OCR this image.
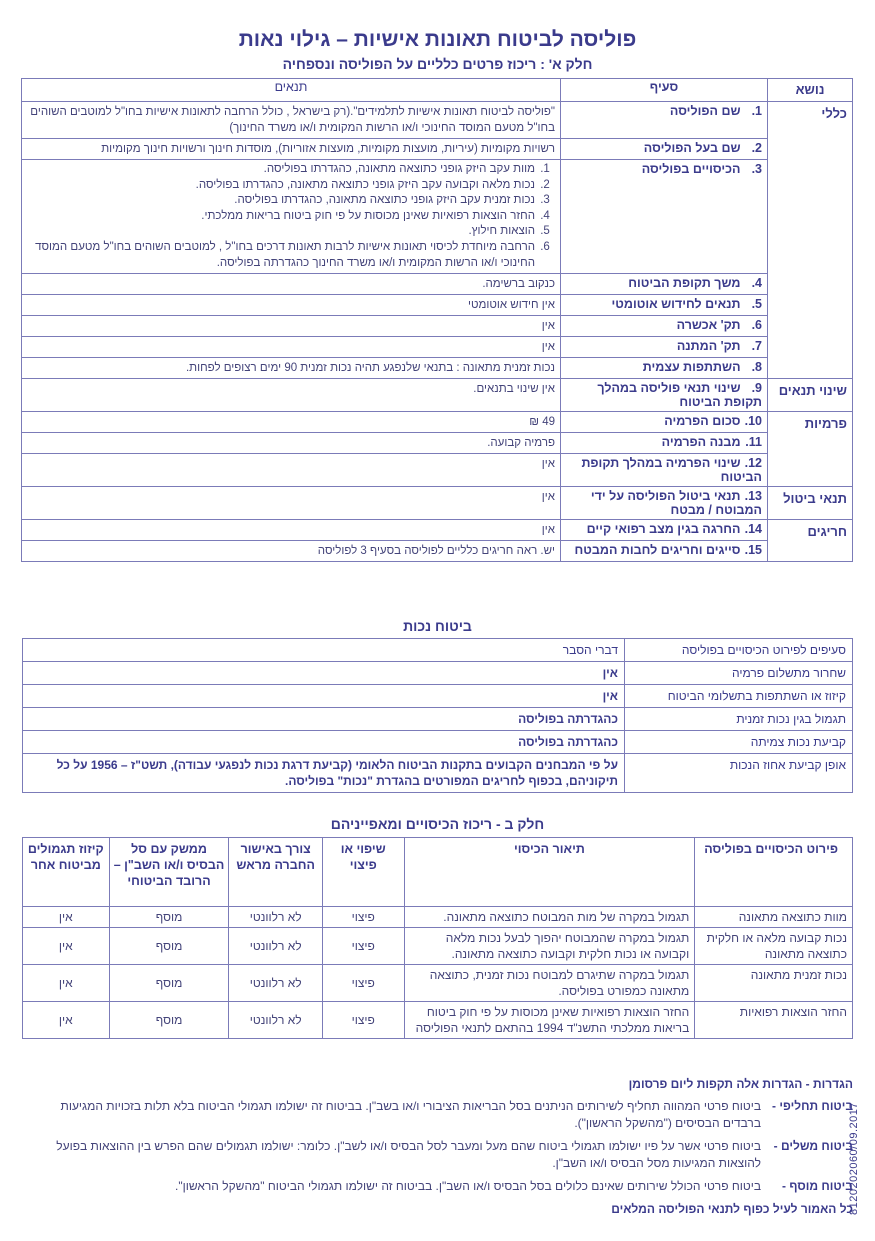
פוליסה לביטוח תאונות אישיות – גילוי נאות
חלק א' : ריכוז פרטים כלליים על הפוליסה ונספחיה
נושא	סעיף	תנאים
כללי	1. שם הפוליסה	"פוליסה לביטוח תאונות אישיות לתלמידים".(רק בישראל , כולל הרחבה לתאונות אישיות בחו"ל למוטבים השוהים בחו"ל מטעם המוסד החינוכי ו/או הרשות המקומית ו/או משרד החינוך)
	2. שם בעל הפוליסה	רשויות מקומיות (עיריות, מועצות מקומיות, מועצות אזוריות), מוסדות חינוך ורשויות חינוך מקומיות
3. הכיסויים בפוליסה	
1. מוות עקב היזק גופני כתוצאה מתאונה, כהגדרתו בפוליסה.
2. נכות מלאה וקבועה עקב היזק גופני כתוצאה מתאונה, כהגדרתו בפוליסה.
3. נכות זמנית עקב היזק גופני כתוצאה מתאונה, כהגדרתו בפוליסה.
4. החזר הוצאות רפואיות שאינן מכוסות על פי חוק ביטוח בריאות ממלכתי.
5. הוצאות חילוץ.
6. הרחבה מיוחדת לכיסוי תאונות אישיות לרבות תאונות דרכים בחו"ל , למוטבים השוהים בחו"ל מטעם המוסד החינוכי ו/או הרשות המקומית ו/או משרד החינוך כהגדרתה בפוליסה.

	4. משך תקופת הביטוח	כנקוב ברשימה.
	5. תנאים לחידוש אוטומטי	אין חידוש אוטומטי
	6. תק' אכשרה	אין
	7. תק' המתנה	אין
	8. השתתפות עצמית	נכות זמנית מתאונה : בתנאי שלנפגע תהיה נכות זמנית 90 ימים רצופים לפחות.
שינוי תנאים	9. שינוי תנאי פוליסה במהלך תקופת הביטוח	אין שינוי בתנאים.
פרמיות	10. סכום הפרמיה	49 ₪
	11. מבנה הפרמיה	פרמיה קבועה.
	12. שינוי הפרמיה במהלך תקופת הביטוח	אין
תנאי ביטול	13. תנאי ביטול הפוליסה על ידי המבוטח / מבטח	אין
חריגים	14. החרגה בגין מצב רפואי קיים	אין
	15. סייגים וחריגים לחבות המבטח	יש. ראה חריגים כלליים לפוליסה בסעיף 3 לפוליסה
ביטוח נכות
סעיפים לפירוט הכיסויים בפוליסה	דברי הסבר
שחרור מתשלום פרמיה	אין
קיזוז או השתתפות בתשלומי הביטוח	אין
תגמול בגין נכות זמנית	כהגדרתה בפוליסה
קביעת נכות צמיתה	כהגדרתה בפוליסה
אופן קביעת אחוז הנכות	על פי המבחנים הקבועים בתקנות הביטוח הלאומי (קביעת דרגת נכות לנפגעי עבודה), תשט"ז – 1956 על כל תיקוניהם, בכפוף לחריגים המפורטים בהגדרת "נכות" בפוליסה.
חלק ב - ריכוז הכיסויים ומאפייניהם
פירוט הכיסויים בפוליסה	תיאור הכיסוי	שיפוי או פיצוי	צורך באישור החברה מראש	ממשק עם סל הבסיס ו/או השב"ן – הרובד הביטוחי	קיזוז תגמולים מביטוח אחר
מוות כתוצאה מתאונה	תגמול במקרה של מות המבוטח כתוצאה מתאונה.	פיצוי	לא רלוונטי	מוסף	אין
נכות קבועה מלאה או חלקית כתוצאה מתאונה	תגמול במקרה שהמבוטח יהפוך לבעל נכות מלאה וקבועה או נכות חלקית וקבועה כתוצאה מתאונה.	פיצוי	לא רלוונטי	מוסף	אין
נכות זמנית מתאונה	תגמול במקרה שתיגרם למבוטח נכות זמנית, כתוצאה מתאונה כמפורט בפוליסה.	פיצוי	לא רלוונטי	מוסף	אין
החזר הוצאות רפואיות	החזר הוצאות רפואיות שאינן מכוסות על פי חוק ביטוח בריאות ממלכתי התשנ"ד 1994 בהתאם לתנאי הפוליסה	פיצוי	לא רלוונטי	מוסף	אין
הגדרות - הגדרות אלה תקפות ליום פרסומן
ביטוח תחליפי -
ביטוח פרטי המהווה תחליף לשירותים הניתנים בסל הבריאות הציבורי ו/או בשב"ן. בביטוח זה ישולמו תגמולי הביטוח בלא תלות בזכויות המגיעות ברבדים הבסיסים ("מהשקל הראשון").
ביטוח משלים -
ביטוח פרטי אשר על פיו ישולמו תגמולי ביטוח שהם מעל ומעבר לסל הבסיס ו/או לשב"ן. כלומר: ישולמו תגמולים שהם הפרש בין ההוצאות בפועל להוצאות המגיעות מסל הבסיס ו/או השב"ן.
ביטוח מוסף -
ביטוח פרטי הכולל שירותים שאינם כלולים בסל הבסיס ו/או השב"ן. בביטוח זה ישולמו תגמולי הביטוח "מהשקל הראשון".
כל האמור לעיל כפוף לתנאי הפוליסה המלאים
8120202060/09.2017
